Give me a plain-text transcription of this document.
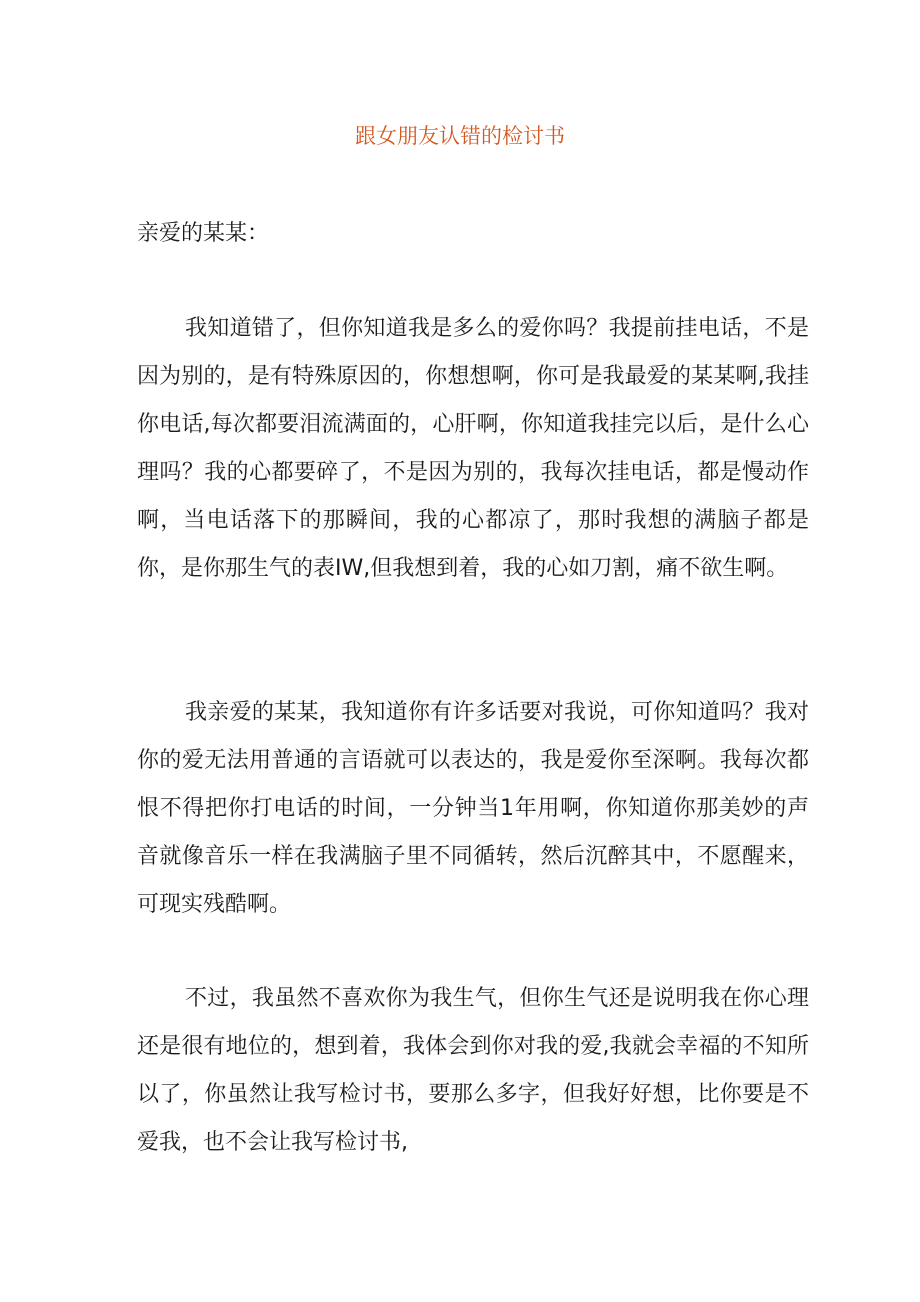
跟女朋友认错的检讨书

亲爱的某某：

我知道错了，但你知道我是多么的爱你吗？我提前挂电话，不是因为别的，是有特殊原因的，你想想啊，你可是我最爱的某某啊,我挂你电话,每次都要泪流满面的，心肝啊，你知道我挂完以后，是什么心理吗？我的心都要碎了，不是因为别的，我每次挂电话，都是慢动作啊，当电话落下的那瞬间，我的心都凉了，那时我想的满脑子都是你，是你那生气的表IW,但我想到着，我的心如刀割，痛不欲生啊。

我亲爱的某某，我知道你有许多话要对我说，可你知道吗？我对你的爱无法用普通的言语就可以表达的，我是爱你至深啊。我每次都恨不得把你打电话的时间，一分钟当1年用啊，你知道你那美妙的声音就像音乐一样在我满脑子里不同循转，然后沉醉其中，不愿醒来，可现实残酷啊。

不过，我虽然不喜欢你为我生气，但你生气还是说明我在你心理还是很有地位的，想到着，我体会到你对我的爱,我就会幸福的不知所以了，你虽然让我写检讨书，要那么多字，但我好好想，比你要是不爱我，也不会让我写检讨书,
